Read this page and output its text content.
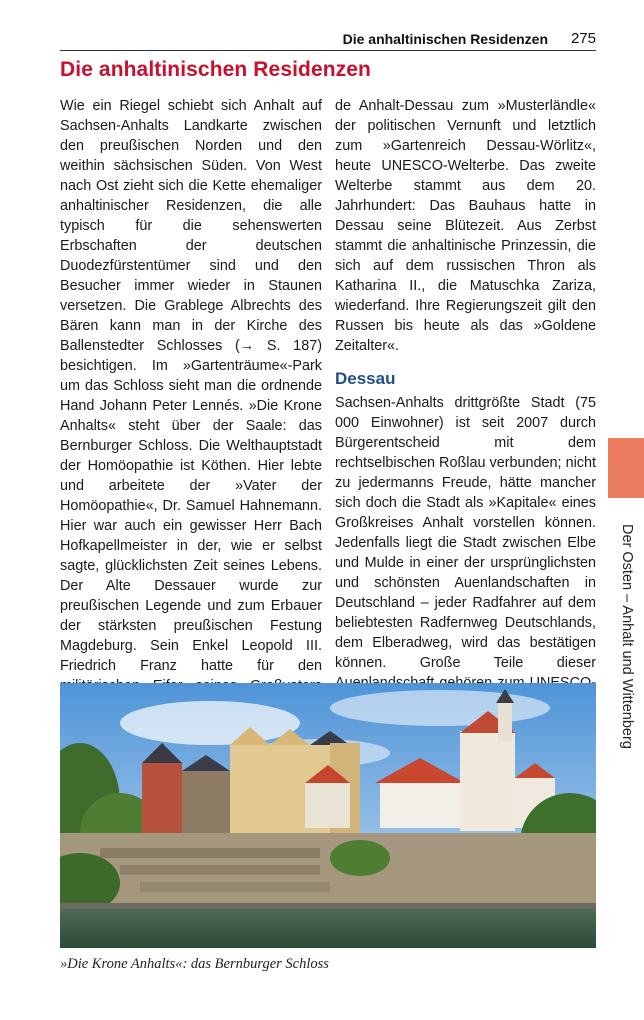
Die anhaltinischen Residenzen 275
Die anhaltinischen Residenzen

Wie ein Riegel schiebt sich Anhalt auf Sachsen-Anhalts Landkarte zwischen den preußischen Norden und den weithin sächsischen Süden. Von West nach Ost zieht sich die Kette ehemaliger anhaltinischer Residenzen, die alle typisch für die sehenswerten Erbschaften der deutschen Duodezfürstentümer sind und den Besucher immer wieder in Staunen versetzen. Die Grablege Albrechts des Bären kann man in der Kirche des Ballenstedter Schlosses (→ S. 187) besichtigen. Im »Gartenträume«-Park um das Schloss sieht man die ordnende Hand Johann Peter Lennés. »Die Krone Anhalts« steht über der Saale: das Bernburger Schloss. Die Welthauptstadt der Homöopathie ist Köthen. Hier lebte und arbeitete der »Vater der Homöopathie«, Dr. Samuel Hahnemann. Hier war auch ein gewisser Herr Bach Hofkapellmeister in der, wie er selbst sagte, glücklichsten Zeit seines Lebens. Der Alte Dessauer wurde zur preußischen Legende und zum Erbauer der stärksten preußischen Festung Magdeburg. Sein Enkel Leopold III. Friedrich Franz hatte für den

de Anhalt-Dessau zum »Musterländle« der politischen Vernunft und letztlich zum »Gartenreich Dessau-Wörlitz«, heute UNESCO-Welterbe. Das zweite Welterbe stammt aus dem 20. Jahrhundert: Das Bauhaus hatte in Dessau seine Blütezeit. Aus Zerbst stammt die anhaltinische Prinzessin, die sich auf dem russischen Thron als Katharina II., die Matuschka Zariza, wiederfand. Ihre Regierungszeit gilt den Russen bis heute als das »Goldene Zeitalter«.

Dessau

Sachsen-Anhalts drittgrößte Stadt (75 000 Einwohner) ist seit 2007 durch Bürgerentscheid mit dem rechtselbischen Roßlau verbunden; nicht zu jedermanns Freude, hätte mancher sich doch die Stadt als »Kapitale« eines Großkreises Anhalt vorstellen können. Jedenfalls liegt die Stadt zwischen Elbe und Mulde in einer der ursprünglichsten und schönsten Auenlandschaften in Deutschland – jeder Radfahrer auf dem beliebtesten Radfernweg Deutschlands, dem Elberadweg, wird das bestätigen können. Große Teile dieser

»Die Krone Anhalts«: das Bernburger Schloss
Der Osten – Anhalt und Wittenberg
